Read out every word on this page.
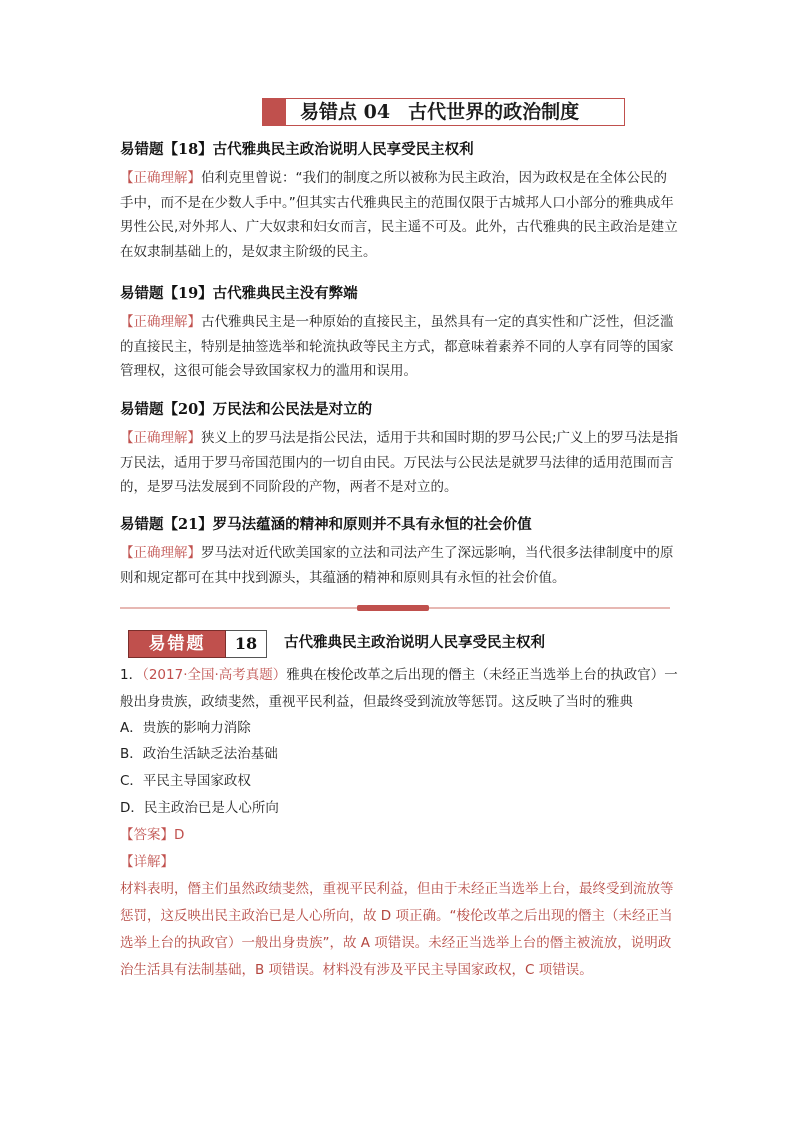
易错点 04 古代世界的政治制度
易错题【18】古代雅典民主政治说明人民享受民主权利
【正确理解】伯利克里曾说：“我们的制度之所以被称为民主政治，因为政权是在全体公民的手中，而不是在少数人手中。”但其实古代雅典民主的范围仅限于古城邦人口小部分的雅典成年男性公民,对外邦人、广大奴隶和妇女而言，民主遥不可及。此外，古代雅典的民主政治是建立在奴隶制基础上的，是奴隶主阶级的民主。
易错题【19】古代雅典民主没有弊端
【正确理解】古代雅典民主是一种原始的直接民主，虽然具有一定的真实性和广泛性，但泛滥的直接民主，特别是抽签选举和轮流执政等民主方式，都意味着素养不同的人享有同等的国家管理权，这很可能会导致国家权力的滥用和误用。
易错题【20】万民法和公民法是对立的
【正确理解】狭义上的罗马法是指公民法，适用于共和国时期的罗马公民;广义上的罗马法是指万民法，适用于罗马帝国范围内的一切自由民。万民法与公民法是就罗马法律的适用范围而言的，是罗马法发展到不同阶段的产物，两者不是对立的。
易错题【21】罗马法蕴涵的精神和原则并不具有永恒的社会价值
【正确理解】罗马法对近代欧美国家的立法和司法产生了深远影响，当代很多法律制度中的原则和规定都可在其中找到源头，其蕴涵的精神和原则具有永恒的社会价值。
易错题	18	古代雅典民主政治说明人民享受民主权利
1．（2017·全国·高考真题）雅典在梭伦改革之后出现的僭主（未经正当选举上台的执政官）一般出身贵族，政绩斐然，重视平民利益，但最终受到流放等惩罚。这反映了当时的雅典
A．贵族的影响力消除
B．政治生活缺乏法治基础
C．平民主导国家政权
D．民主政治已是人心所向
【答案】D
【详解】
材料表明，僭主们虽然政绩斐然，重视平民利益，但由于未经正当选举上台，最终受到流放等惩罚，这反映出民主政治已是人心所向，故 D 项正确。“梭伦改革之后出现的僭主（未经正当选举上台的执政官）一般出身贵族”，故 A 项错误。未经正当选举上台的僭主被流放，说明政治生活具有法制基础，B 项错误。材料没有涉及平民主导国家政权，C 项错误。
